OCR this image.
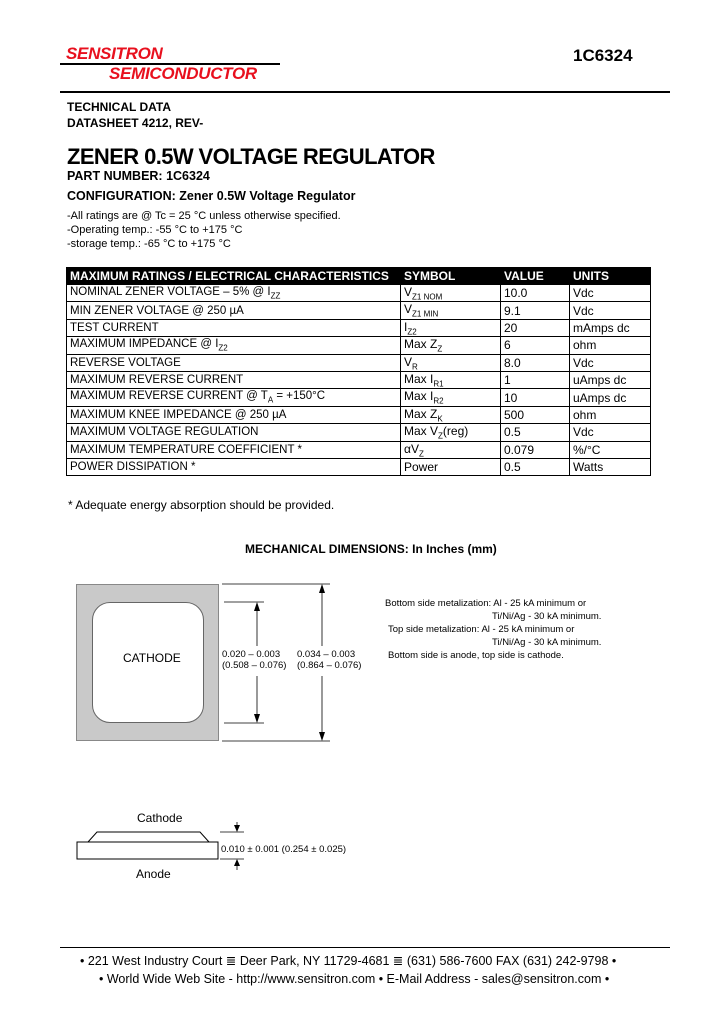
SENSITRON
SEMICONDUCTOR
1C6324
TECHNICAL DATA
DATASHEET 4212, REV-
ZENER 0.5W VOLTAGE REGULATOR
PART NUMBER: 1C6324
CONFIGURATION: Zener 0.5W Voltage Regulator
-All ratings are @ Tc = 25 °C unless otherwise specified.
-Operating temp.: -55 °C to +175 °C
-storage temp.: -65 °C to +175 °C
MAXIMUM RATINGS / ELECTRICAL CHARACTERISTICS	SYMBOL	VALUE	UNITS
NOMINAL ZENER VOLTAGE – 5% @ $I_{ZZ}$	$V_{Z1 NOM}$	10.0	Vdc
MIN ZENER VOLTAGE @ 250 µA	$V_{Z1 MIN}$	9.1	Vdc
TEST CURRENT	$I_{Z2}$	20	mAmps dc
MAXIMUM IMPEDANCE @ $I_{Z2}$	Max $Z_Z$	6	ohm
REVERSE VOLTAGE	$V_R$	8.0	Vdc
MAXIMUM REVERSE CURRENT	Max $I_{R1}$	1	uAmps dc
MAXIMUM REVERSE CURRENT @ $T_A = +150^\circ C$	Max $I_{R2}$	10	uAmps dc
MAXIMUM KNEE IMPEDANCE @ 250 µA	Max $Z_K$	500	ohm
MAXIMUM VOLTAGE REGULATION	Max $V_Z(reg)$	0.5	Vdc
MAXIMUM TEMPERATURE COEFFICIENT *	$\alpha V_Z$	0.079	%/°C
POWER DISSIPATION *	Power	0.5	Watts
* Adequate energy absorption should be provided.
MECHANICAL DIMENSIONS: In Inches (mm)
CATHODE	0.020 – 0.003
(0.508 – 0.076)
0.034 – 0.003
(0.864 – 0.076)
Bottom side metalization: Al - 25 kA minimum or
Ti/Ni/Ag - 30 kA minimum.
Top side metalization: Al - 25 kA minimum or
Ti/Ni/Ag - 30 kA minimum.
Bottom side is anode, top side is cathode.
Cathode
Anode
0.010 ± 0.001 (0.254 ± 0.025)
• 221 West Industry Court ≣ Deer Park, NY 11729-4681 ≣ (631) 586-7600 FAX (631) 242-9798 •
• World Wide Web Site - http://www.sensitron.com • E-Mail Address - sales@sensitron.com •
